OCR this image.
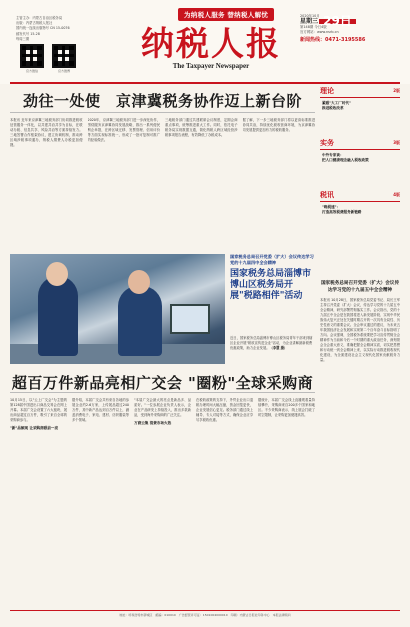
主管主办：内蒙古自治区税务局
出版：内蒙古纳税人报社
国内统一连续出版物号 CN 15-0076
邮发代号 15-28
每周三期
官方微信	官方微博
为纳税人服务 替纳税人解忧
纳税人报
The Taxpayer Newspaper
2020年10月
星期三 29日
第148期 今日4版
官方网站：www.nsrb.cn
新闻热线：0471-3195586
劲往一处使　京津冀税务协作迈上新台阶
本报讯 近年来京津冀三地税务部门协同推进税收征管服务一体化，以共建共治共享为目标，在联动办税、信息共享、风险共治等方面持续发力。三地签署合作框架协议，建立协调机制，推动跨区域涉税事项通办，纳税人缴费人办税更加便捷。
2020年，京津冀三地税务部门进一步深化协作，围绕服务京津冀协同发展战略，推出一系列便民利企举措，在跨区域迁移、发票管理、信用评价等方面实现标准统一，形成了一批可复制可推广的经验做法。
三地税务部门通过共建联席会议制度，定期会商重点事项，统筹推进重大工作。同时，依托电子税务局实现数据互通，简化纳税人跨区域经营涉税事项报告流程，有效降低了办税成本。
据了解，下一步三地税务部门将以更高标准推进协同共治，持续优化税收营商环境，为京津冀协同发展提供更加有力的税收服务。
国家税务总局召开党委（扩大）会议传达学习党的十九届四中全会精神
国家税务总局淄博市博山区税务局开展"税路相伴"活动
近日，国家税务总局淄博市博山区税务局青年干部来到辖区企业开展"税收宣传进企业"活动，为企业讲解最新税费优惠政策，助力企业发展。（李慧 摄）
超百万件新品亮相广交会 "圈粉"全球采购商
10月15日，以"云上广交会"为主题的第128届中国进出口商品交易会在网上开幕。本届广交会设置了六大板块，展出商品超过百万件，吸引了来自全球的采购商参与。
"新"品频现 让采购商眼前一亮
据介绍，本届广交会共有来自各地的参展企业约2.6万家，上传展品超过240万件，其中新产品达到百万件以上，涵盖消费电子、家电、建材、纺织服装等多个领域。
"本届广交会最大的亮点是新品多、品质好。"一位参展企业负责人表示，企业在产品研发上持续投入，推出多款新品，受到海外采购商的广泛关注。
万商云集 消费市场火热
在税收政策的支持下，外贸企业出口退税办理时间大幅压缩，资金回笼更快，企业发展信心更足。税务部门通过线上辅导、专人对接等方式，确保企业应享尽享税收优惠。
据统计，本届广交会线上直播观看量持续攀升，采购商来自200多个国家和地区。不少采购商表示，线上展会打破了时空限制，让采购更加便捷高效。
理论	2版
紧跟"大工厂时代"
推进税收改革
实务	3版
中外专家谈：
把人口健康理念融入税收政策
税讯	4版
"晚税速"：
打造高效税费服务新链路
国家税务总局召开党委（扩大）会议传达学习党的十九届五中全会精神
本报讯 10月28日，国家税务总局党委书记、局长王军主持召开党委（扩大）会议，传达学习党的十九届五中全会精神，研究部署贯彻落实工作。会议指出，党的十九届五中全会是在我国将进入新发展阶段、实现中华民族伟大复兴正处在关键时期召开的一次具有全局性、历史性意义的重要会议。全会审议通过的建议，为未来五年我国经济社会发展和实现第二个百年奋斗目标指明了方向。会议强调，全国税务系统要把学习宣传贯彻全会精神作为当前和今后一个时期的重大政治任务，深刻领会全会重大意义，准确把握全会精神实质，切实把思想和行动统一到全会精神上来，以实际行动推进税收现代化建设，为全面建设社会主义现代化国家贡献税务力量。
地址：呼和浩特市新城区　邮编：010010　广告经营许可证：1501004000010　印刷：内蒙古日报社印务中心　本报法律顾问
